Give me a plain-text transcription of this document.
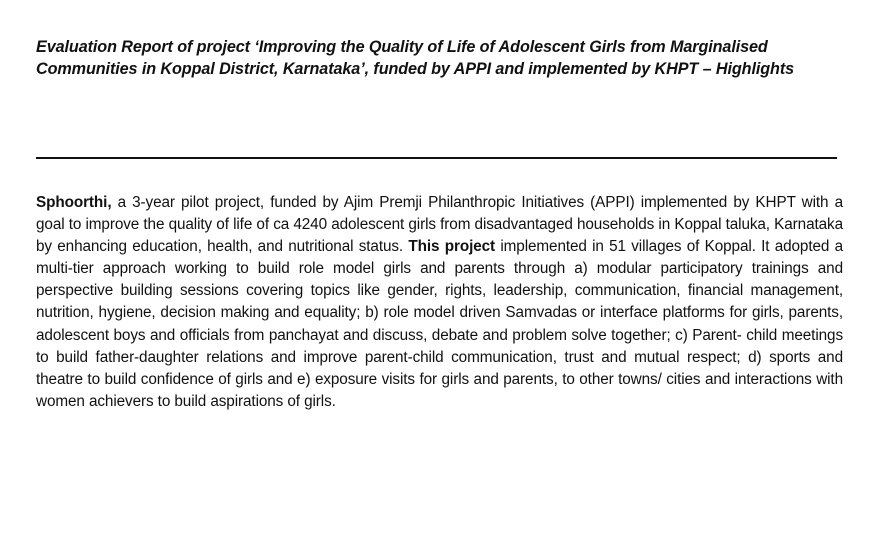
Evaluation Report of project ‘Improving the Quality of Life of Adolescent Girls from Marginalised Communities in Koppal District, Karnataka’, funded by APPI and implemented by KHPT – Highlights

Sphoorthi, a 3-year pilot project, funded by Ajim Premji Philanthropic Initiatives (APPI) implemented by KHPT with a goal to improve the quality of life of ca 4240 adolescent girls from disadvantaged households in Koppal taluka, Karnataka by enhancing education, health, and nutritional status. This project implemented in 51 villages of Koppal. It adopted a multi-tier approach working to build role model girls and parents through a) modular participatory trainings and perspective building sessions covering topics like gender, rights, leadership, communication, financial management, nutrition, hygiene, decision making and equality; b) role model driven Samvadas or interface platforms for girls, parents, adolescent boys and officials from panchayat and discuss, debate and problem solve together; c) Parent- child meetings to build father-daughter relations and improve parent-child communication, trust and mutual respect; d) sports and theatre to build confidence of girls and e) exposure visits for girls and parents, to other towns/ cities and interactions with women achievers to build aspirations of girls.
